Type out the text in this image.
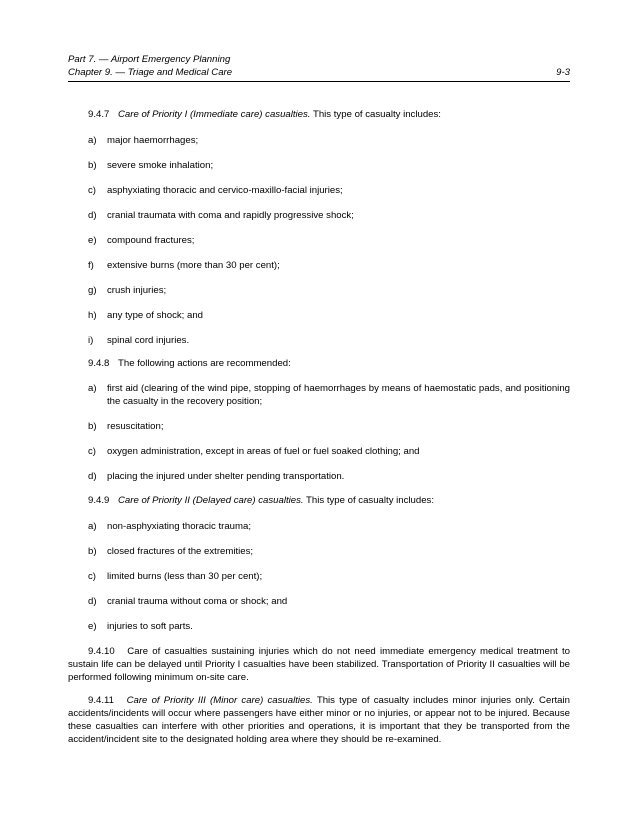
Part 7. — Airport Emergency Planning
Chapter 9. — Triage and Medical Care	9-3

9.4.7 Care of Priority I (Immediate care) casualties. This type of casualty includes:

a)	major haemorrhages;
b)	severe smoke inhalation;
c)	asphyxiating thoracic and cervico-maxillo-facial injuries;
d)	cranial traumata with coma and rapidly progressive shock;
e)	compound fractures;
f)	extensive burns (more than 30 per cent);
g)	crush injuries;
h)	any type of shock; and
i)	spinal cord injuries.

9.4.8 The following actions are recommended:

a)	first aid (clearing of the wind pipe, stopping of haemorrhages by means of haemostatic pads, and positioning the casualty in the recovery position;
b)	resuscitation;
c)	oxygen administration, except in areas of fuel or fuel soaked clothing; and
d)	placing the injured under shelter pending transportation.

9.4.9 Care of Priority II (Delayed care) casualties. This type of casualty includes:

a)	non-asphyxiating thoracic trauma;
b)	closed fractures of the extremities;
c)	limited burns (less than 30 per cent);
d)	cranial trauma without coma or shock; and
e)	injuries to soft parts.

9.4.10 Care of casualties sustaining injuries which do not need immediate emergency medical treatment to sustain life can be delayed until Priority I casualties have been stabilized. Transportation of Priority II casualties will be performed following minimum on-site care.

9.4.11 Care of Priority III (Minor care) casualties. This type of casualty includes minor injuries only. Certain accidents/incidents will occur where passengers have either minor or no injuries, or appear not to be injured. Because these casualties can interfere with other priorities and operations, it is important that they be transported from the accident/incident site to the designated holding area where they should be re-examined.
